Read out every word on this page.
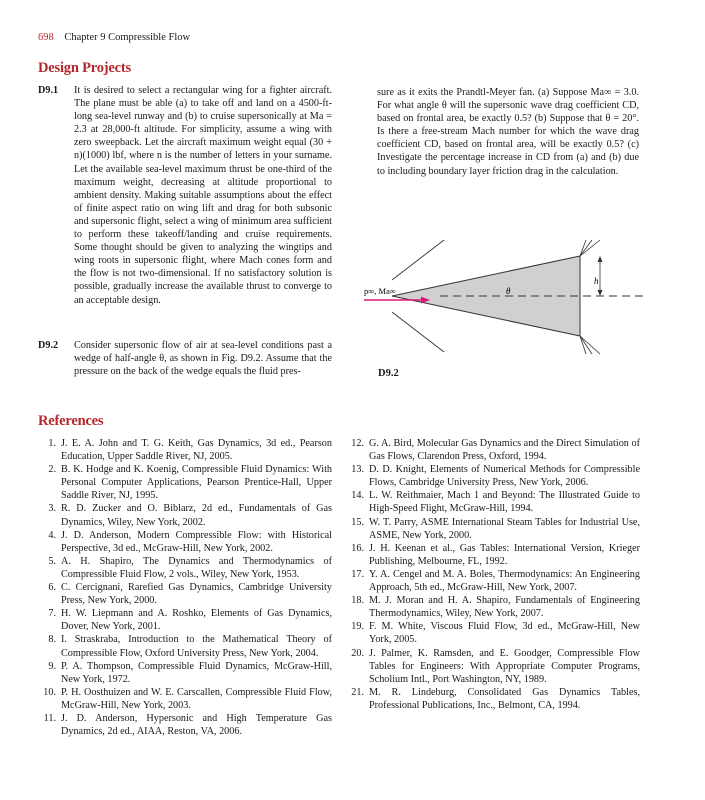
698 Chapter 9 Compressible Flow
Design Projects
D9.1 It is desired to select a rectangular wing for a fighter aircraft. The plane must be able (a) to take off and land on a 4500-ft-long sea-level runway and (b) to cruise supersonically at Ma = 2.3 at 28,000-ft altitude. For simplicity, assume a wing with zero sweepback. Let the aircraft maximum weight equal (30 + n)(1000) lbf, where n is the number of letters in your surname. Let the available sea-level maximum thrust be one-third of the maximum weight, decreasing at altitude proportional to ambient density. Making suitable assumptions about the effect of finite aspect ratio on wing lift and drag for both subsonic and supersonic flight, select a wing of minimum area sufficient to perform these takeoff/landing and cruise requirements. Some thought should be given to analyzing the wingtips and wing roots in supersonic flight, where Mach cones form and the flow is not two-dimensional. If no satisfactory solution is possible, gradually increase the available thrust to converge to an acceptable design.
D9.2 Consider supersonic flow of air at sea-level conditions past a wedge of half-angle θ, as shown in Fig. D9.2. Assume that the pressure on the back of the wedge equals the fluid pres-
sure as it exits the Prandtl-Meyer fan. (a) Suppose Ma∞ = 3.0. For what angle θ will the supersonic wave drag coefficient CD, based on frontal area, be exactly 0.5? (b) Suppose that θ = 20°. Is there a free-stream Mach number for which the wave drag coefficient CD, based on frontal area, will be exactly 0.5? (c) Investigate the percentage increase in CD from (a) and (b) due to including boundary layer friction drag in the calculation.
h
θ
p∞, Ma∞
D9.2
References
1. J. E. A. John and T. G. Keith, Gas Dynamics, 3d ed., Pearson Education, Upper Saddle River, NJ, 2005.
2. B. K. Hodge and K. Koenig, Compressible Fluid Dynamics: With Personal Computer Applications, Pearson Prentice-Hall, Upper Saddle River, NJ, 1995.
3. R. D. Zucker and O. Biblarz, 2d ed., Fundamentals of Gas Dynamics, Wiley, New York, 2002.
4. J. D. Anderson, Modern Compressible Flow: with Historical Perspective, 3d ed., McGraw-Hill, New York, 2002.
5. A. H. Shapiro, The Dynamics and Thermodynamics of Compressible Fluid Flow, 2 vols., Wiley, New York, 1953.
6. C. Cercignani, Rarefied Gas Dynamics, Cambridge University Press, New York, 2000.
7. H. W. Liepmann and A. Roshko, Elements of Gas Dynamics, Dover, New York, 2001.
8. I. Straskraba, Introduction to the Mathematical Theory of Compressible Flow, Oxford University Press, New York, 2004.
9. P. A. Thompson, Compressible Fluid Dynamics, McGraw-Hill, New York, 1972.
10. P. H. Oosthuizen and W. E. Carscallen, Compressible Fluid Flow, McGraw-Hill, New York, 2003.
11. J. D. Anderson, Hypersonic and High Temperature Gas Dynamics, 2d ed., AIAA, Reston, VA, 2006.
12. G. A. Bird, Molecular Gas Dynamics and the Direct Simulation of Gas Flows, Clarendon Press, Oxford, 1994.
13. D. D. Knight, Elements of Numerical Methods for Compressible Flows, Cambridge University Press, New York, 2006.
14. L. W. Reithmaier, Mach 1 and Beyond: The Illustrated Guide to High-Speed Flight, McGraw-Hill, 1994.
15. W. T. Parry, ASME International Steam Tables for Industrial Use, ASME, New York, 2000.
16. J. H. Keenan et al., Gas Tables: International Version, Krieger Publishing, Melbourne, FL, 1992.
17. Y. A. Cengel and M. A. Boles, Thermodynamics: An Engineering Approach, 5th ed., McGraw-Hill, New York, 2007.
18. M. J. Moran and H. A. Shapiro, Fundamentals of Engineering Thermodynamics, Wiley, New York, 2007.
19. F. M. White, Viscous Fluid Flow, 3d ed., McGraw-Hill, New York, 2005.
20. J. Palmer, K. Ramsden, and E. Goodger, Compressible Flow Tables for Engineers: With Appropriate Computer Programs, Scholium Intl., Port Washington, NY, 1989.
21. M. R. Lindeburg, Consolidated Gas Dynamics Tables, Professional Publications, Inc., Belmont, CA, 1994.
